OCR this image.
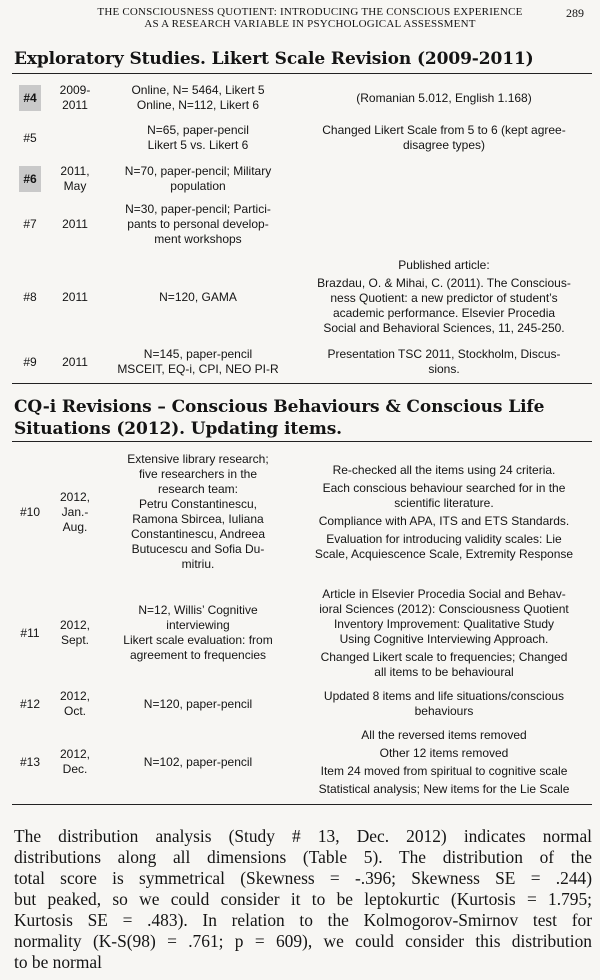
THE CONSCIOUSNESS QUOTIENT: INTRODUCING THE CONSCIOUS EXPERIENCE
AS A RESEARCH VARIABLE IN PSYCHOLOGICAL ASSESSMENT
289
Exploratory Studies. Likert Scale Revision (2009-2011)
#4
2009-
2011
Online, N= 5464, Likert 5
Online, N=112, Likert 6
(Romanian 5.012, English 1.168)
#5
N=65, paper-pencil
Likert 5 vs. Likert 6
Changed Likert Scale from 5 to 6 (kept agree-
disagree types)
#6
2011,
May
N=70, paper-pencil; Military
population
#7 2011
N=30, paper-pencil; Partici-
pants to personal develop-
ment workshops
#8 2011	N=120, GAMA
Published article:
Brazdau, O. & Mihai, C. (2011). The Conscious-
ness Quotient: a new predictor of student’s
academic performance. Elsevier Procedia
Social and Behavioral Sciences, 11, 245-250.
#9 2011
N=145, paper-pencil
MSCEIT, EQ-i, CPI, NEO PI-R
Presentation TSC 2011, Stockholm, Discus-
sions.
CQ-i Revisions – Conscious Behaviours & Conscious Life
Situations (2012). Updating items.
#10
2012,
Jan.-
Aug.
Extensive library research;
five researchers in the
research team:
Petru Constantinescu,
Ramona Sbircea, Iuliana
Constantinescu, Andreea
Butucescu and Sofia Du-
mitriu.
Re-checked all the items using 24 criteria.
Each conscious behaviour searched for in the
scientific literature.
Compliance with APA, ITS and ETS Standards.
Evaluation for introducing validity scales: Lie
Scale, Acquiescence Scale, Extremity Response
#11
2012,
Sept.
N=12, Willis’ Cognitive
interviewing
Likert scale evaluation: from
agreement to frequencies
Article in Elsevier Procedia Social and Behav-
ioral Sciences (2012): Consciousness Quotient
Inventory Improvement: Qualitative Study
Using Cognitive Interviewing Approach.
Changed Likert scale to frequencies; Changed
all items to be behavioural
#12
2012,
Oct.
N=120, paper-pencil
Updated 8 items and life situations/conscious
behaviours
#13
2012,
Dec.
N=102, paper-pencil
All the reversed items removed
Other 12 items removed
Item 24 moved from spiritual to cognitive scale
Statistical analysis; New items for the Lie Scale
The distribution analysis (Study # 13, Dec. 2012) indicates normal
distributions along all dimensions (Table 5). The distribution of the
total score is symmetrical (Skewness = -.396; Skewness SE = .244)
but peaked, so we could consider it to be leptokurtic (Kurtosis = 1.795;
Kurtosis SE = .483). In relation to the Kolmogorov-Smirnov test for
normality (K-S(98) = .761; p = 609), we could consider this distribution
to be normal
